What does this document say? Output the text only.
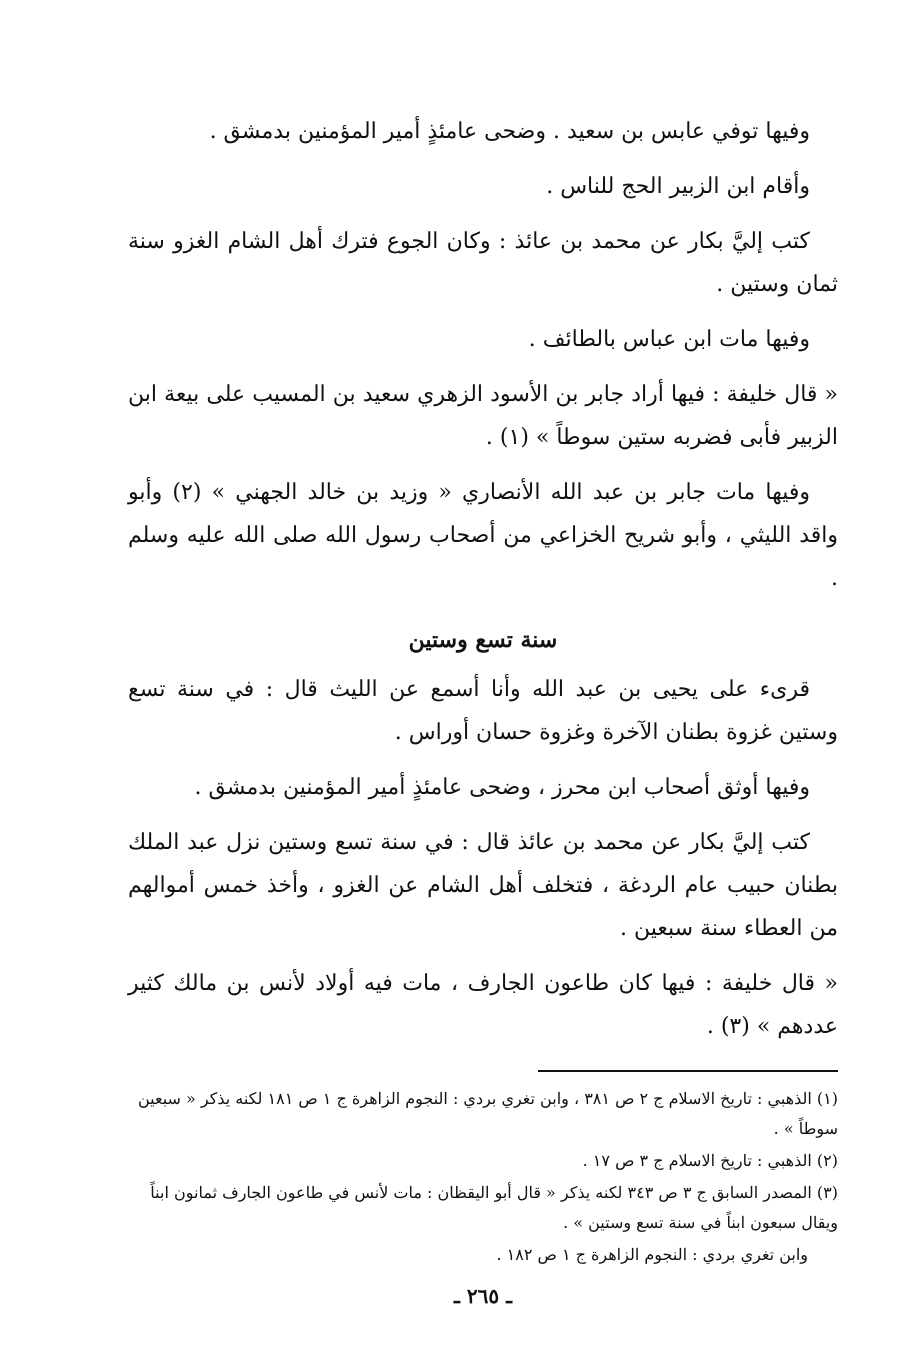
وفيها توفي عابس بن سعيد . وضحى عامئذٍ أمير المؤمنين بدمشق .

وأقام ابن الزبير الحج للناس .

كتب إليَّ بكار عن محمد بن عائذ : وكان الجوع فترك أهل الشام الغزو سنة ثمان وستين .

وفيها مات ابن عباس بالطائف .

« قال خليفة : فيها أراد جابر بن الأسود الزهري سعيد بن المسيب على بيعة ابن الزبير فأبى فضربه ستين سوطاً » (١) .

وفيها مات جابر بن عبد الله الأنصاري « وزيد بن خالد الجهني » (٢) وأبو واقد الليثي ، وأبو شريح الخزاعي من أصحاب رسول الله صلى الله عليه وسلم .

سنة تسع وستين

قرىء على يحيى بن عبد الله وأنا أسمع عن الليث قال : في سنة تسع وستين غزوة بطنان الآخرة وغزوة حسان أوراس .

وفيها أوثق أصحاب ابن محرز ، وضحى عامئذٍ أمير المؤمنين بدمشق .

كتب إليَّ بكار عن محمد بن عائذ قال : في سنة تسع وستين نزل عبد الملك بطنان حبيب عام الردغة ، فتخلف أهل الشام عن الغزو ، وأخذ خمس أموالهم من العطاء سنة سبعين .

« قال خليفة : فيها كان طاعون الجارف ، مات فيه أولاد لأنس بن مالك كثير عددهم » (٣) .

(١) الذهبي : تاريخ الاسلام ج ٢ ص ٣٨١ ، وابن تغري بردي : النجوم الزاهرة ج ١ ص ١٨١ لكنه يذكر « سبعين سوطاً » .

(٢) الذهبي : تاريخ الاسلام ج ٣ ص ١٧ .

(٣) المصدر السابق ج ٣ ص ٣٤٣ لكنه يذكر « قال أبو اليقظان : مات لأنس في طاعون الجارف ثمانون ابناً ويقال سبعون ابناً في سنة تسع وستين » .

وابن تغري بردي : النجوم الزاهرة ج ١ ص ١٨٢ .

ـ ٢٦٥ ـ
